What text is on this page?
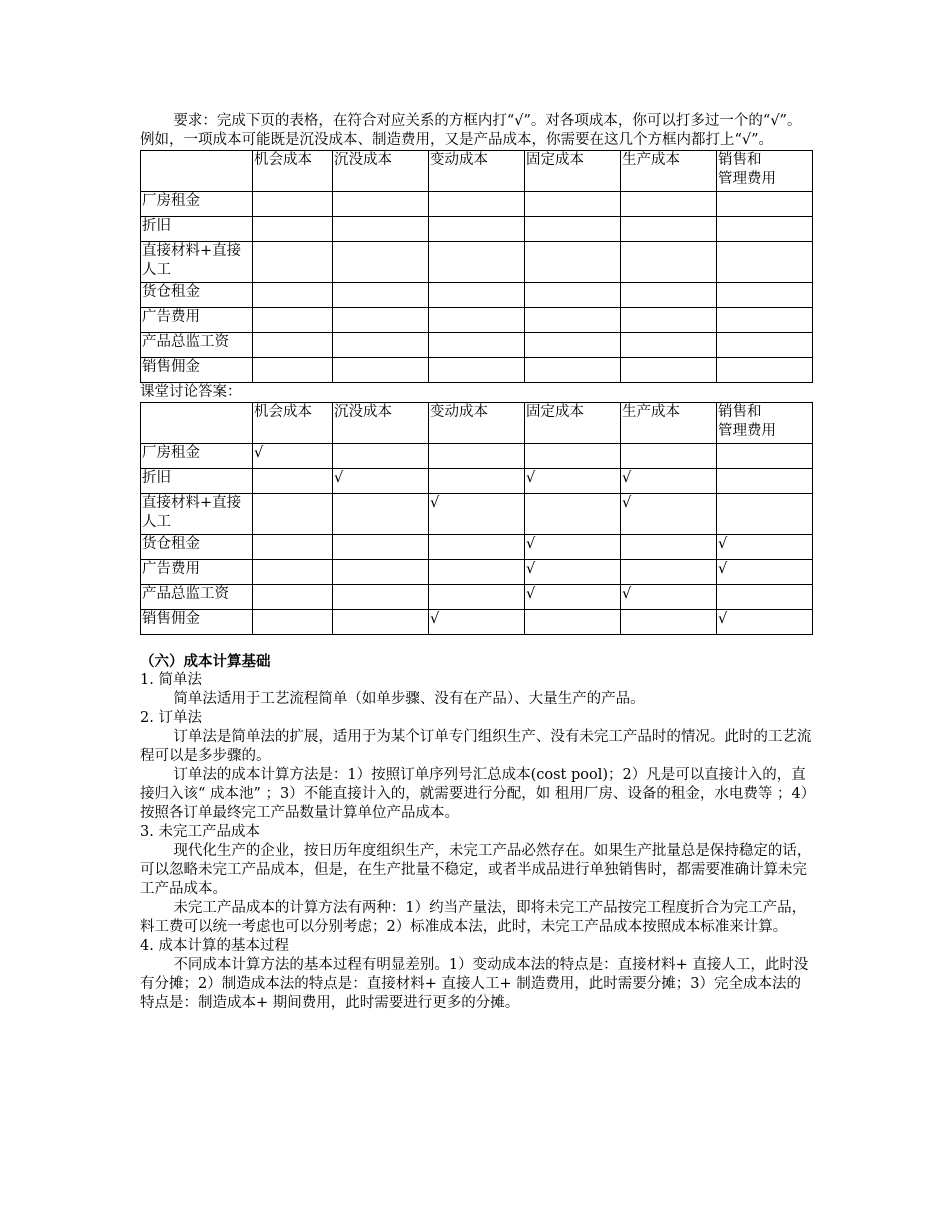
要求：完成下页的表格，在符合对应关系的方框内打“√”。对各项成本，你可以打多过一个的“√”。例如，一项成本可能既是沉没成本、制造费用，又是产品成本，你需要在这几个方框内都打上“√”。

	机会成本	沉没成本	变动成本	固定成本	生产成本	销售和
管理费用
厂房租金						
折旧						
直接材料+直接人工						
货仓租金						
广告费用						
产品总监工资						
销售佣金						

课堂讨论答案：

	机会成本	沉没成本	变动成本	固定成本	生产成本	销售和
管理费用
厂房租金	√					
折旧		√		√	√	
直接材料+直接人工			√		√	
货仓租金				√		√
广告费用				√		√
产品总监工资				√	√	
销售佣金			√			√

（六）成本计算基础

1. 简单法

简单法适用于工艺流程简单（如单步骤、没有在产品）、大量生产的产品。

2. 订单法

订单法是简单法的扩展，适用于为某个订单专门组织生产、没有未完工产品时的情况。此时的工艺流程可以是多步骤的。

订单法的成本计算方法是：1）按照订单序列号汇总成本(cost pool)；2）凡是可以直接计入的，直接归入该“ 成本池” ；3）不能直接计入的，就需要进行分配，如 租用厂房、设备的租金，水电费等 ；4）按照各订单最终完工产品数量计算单位产品成本。

3. 未完工产品成本

现代化生产的企业，按日历年度组织生产，未完工产品必然存在。如果生产批量总是保持稳定的话，可以忽略未完工产品成本，但是，在生产批量不稳定，或者半成品进行单独销售时，都需要准确计算未完工产品成本。

未完工产品成本的计算方法有两种：1）约当产量法，即将未完工产品按完工程度折合为完工产品，料工费可以统一考虑也可以分别考虑；2）标准成本法，此时，未完工产品成本按照成本标准来计算。

4. 成本计算的基本过程

不同成本计算方法的基本过程有明显差别。1）变动成本法的特点是：直接材料+ 直接人工，此时没有分摊；2）制造成本法的特点是：直接材料+ 直接人工+ 制造费用，此时需要分摊；3）完全成本法的特点是：制造成本+ 期间费用，此时需要进行更多的分摊。
